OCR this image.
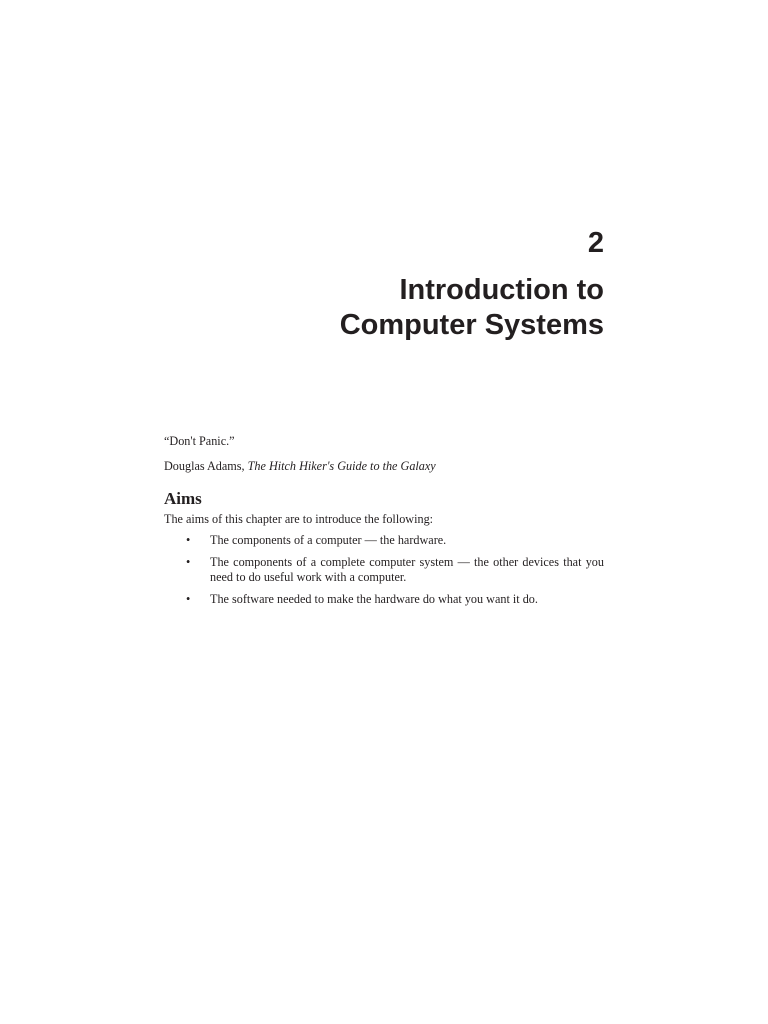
2
Introduction to
Computer Systems

“Don't Panic.”

Douglas Adams, The Hitch Hiker's Guide to the Galaxy

Aims

The aims of this chapter are to introduce the following:

• The components of a computer — the hardware.
• The components of a complete computer system — the other devices that you need to do useful work with a computer.
• The software needed to make the hardware do what you want it do.
